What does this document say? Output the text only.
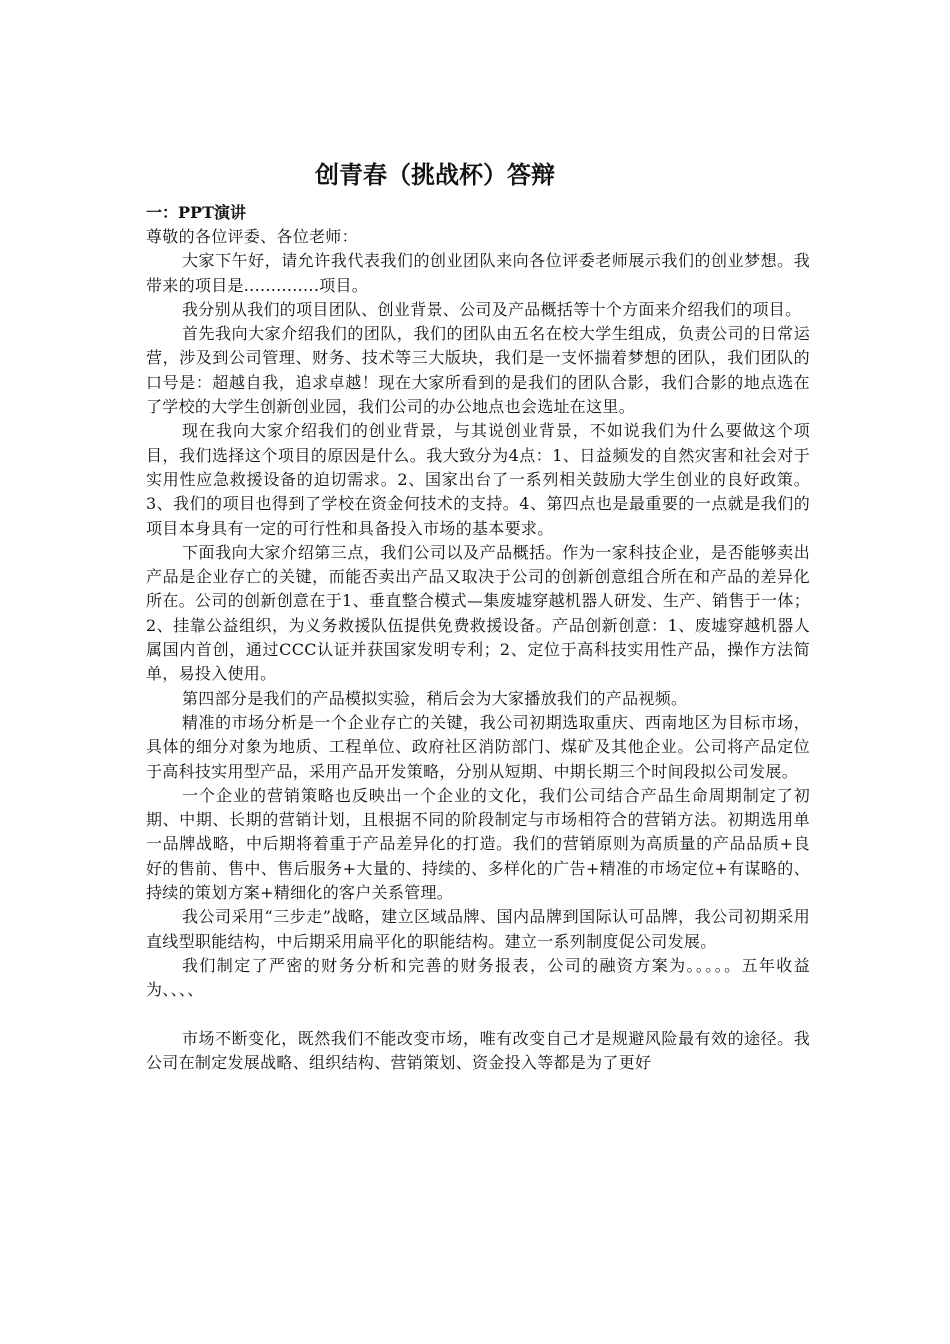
创青春（挑战杯）答辩

一：PPT演讲

尊敬的各位评委、各位老师：

大家下午好，请允许我代表我们的创业团队来向各位评委老师展示我们的创业梦想。我带来的项目是..............项目。

我分别从我们的项目团队、创业背景、公司及产品概括等十个方面来介绍我们的项目。

首先我向大家介绍我们的团队，我们的团队由五名在校大学生组成，负责公司的日常运营，涉及到公司管理、财务、技术等三大版块，我们是一支怀揣着梦想的团队，我们团队的口号是：超越自我，追求卓越！现在大家所看到的是我们的团队合影，我们合影的地点选在了学校的大学生创新创业园，我们公司的办公地点也会选址在这里。

现在我向大家介绍我们的创业背景，与其说创业背景，不如说我们为什么要做这个项目，我们选择这个项目的原因是什么。我大致分为4点：1、日益频发的自然灾害和社会对于实用性应急救援设备的迫切需求。2、国家出台了一系列相关鼓励大学生创业的良好政策。3、我们的项目也得到了学校在资金何技术的支持。4、第四点也是最重要的一点就是我们的项目本身具有一定的可行性和具备投入市场的基本要求。

下面我向大家介绍第三点，我们公司以及产品概括。作为一家科技企业，是否能够卖出产品是企业存亡的关键，而能否卖出产品又取决于公司的创新创意组合所在和产品的差异化所在。公司的创新创意在于1、垂直整合模式—集废墟穿越机器人研发、生产、销售于一体；2、挂靠公益组织，为义务救援队伍提供免费救援设备。产品创新创意：1、废墟穿越机器人属国内首创，通过CCC认证并获国家发明专利；2、定位于高科技实用性产品，操作方法简单，易投入使用。

第四部分是我们的产品模拟实验，稍后会为大家播放我们的产品视频。

精准的市场分析是一个企业存亡的关键，我公司初期选取重庆、西南地区为目标市场，具体的细分对象为地质、工程单位、政府社区消防部门、煤矿及其他企业。公司将产品定位于高科技实用型产品，采用产品开发策略，分别从短期、中期长期三个时间段拟公司发展。

一个企业的营销策略也反映出一个企业的文化，我们公司结合产品生命周期制定了初期、中期、长期的营销计划，且根据不同的阶段制定与市场相符合的营销方法。初期选用单一品牌战略，中后期将着重于产品差异化的打造。我们的营销原则为高质量的产品品质+良好的售前、售中、售后服务+大量的、持续的、多样化的广告+精准的市场定位+有谋略的、持续的策划方案+精细化的客户关系管理。

我公司采用“三步走”战略，建立区域品牌、国内品牌到国际认可品牌，我公司初期采用直线型职能结构，中后期采用扁平化的职能结构。建立一系列制度促公司发展。

我们制定了严密的财务分析和完善的财务报表，公司的融资方案为。。。。。五年收益为、、、、

市场不断变化，既然我们不能改变市场，唯有改变自己才是规避风险最有效的途径。我公司在制定发展战略、组织结构、营销策划、资金投入等都是为了更好
